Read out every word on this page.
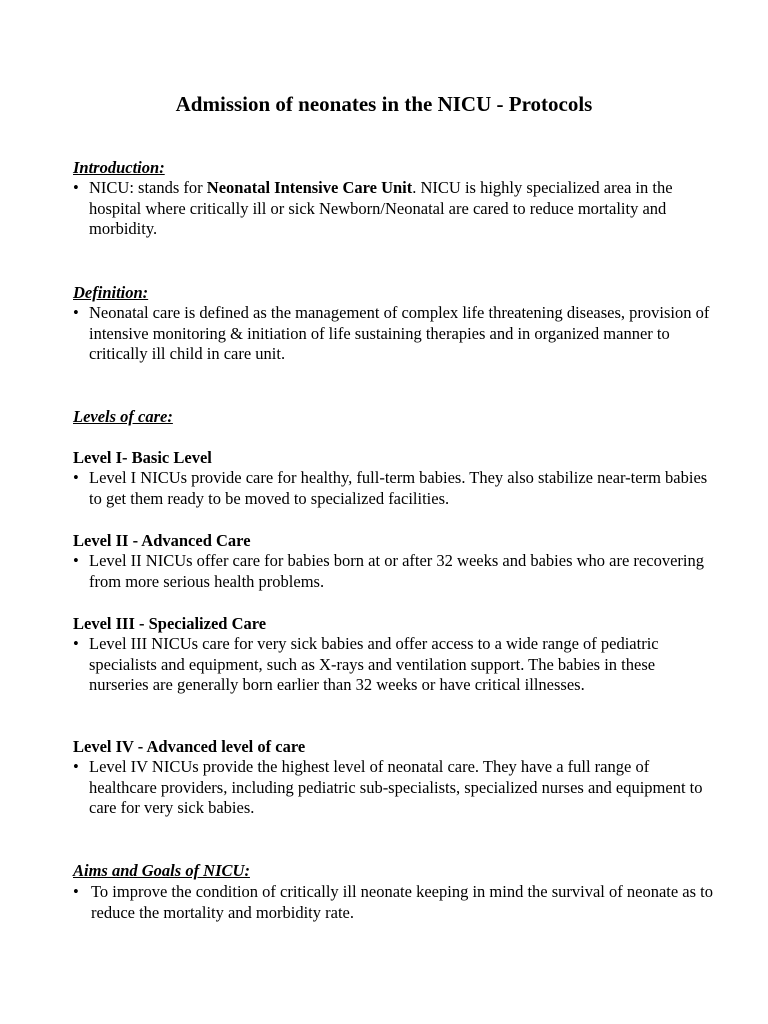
Admission of neonates in the NICU - Protocols
Introduction:
• NICU: stands for Neonatal Intensive Care Unit. NICU is highly specialized area in the hospital where critically ill or sick Newborn/Neonatal are cared to reduce mortality and morbidity.
Definition:
• Neonatal care is defined as the management of complex life threatening diseases, provision of intensive monitoring & initiation of life sustaining therapies and in organized manner to critically ill child in care unit.
Levels of care:
Level I- Basic Level
• Level I NICUs provide care for healthy, full-term babies. They also stabilize near-term babies to get them ready to be moved to specialized facilities.
Level II - Advanced Care
• Level II NICUs offer care for babies born at or after 32 weeks and babies who are recovering from more serious health problems.
Level III - Specialized Care
• Level III NICUs care for very sick babies and offer access to a wide range of pediatric specialists and equipment, such as X-rays and ventilation support. The babies in these nurseries are generally born earlier than 32 weeks or have critical illnesses.
Level IV - Advanced level of care
• Level IV NICUs provide the highest level of neonatal care. They have a full range of healthcare providers, including pediatric sub-specialists, specialized nurses and equipment to care for very sick babies.
Aims and Goals of NICU:
• To improve the condition of critically ill neonate keeping in mind the survival of neonate as to reduce the mortality and morbidity rate.
